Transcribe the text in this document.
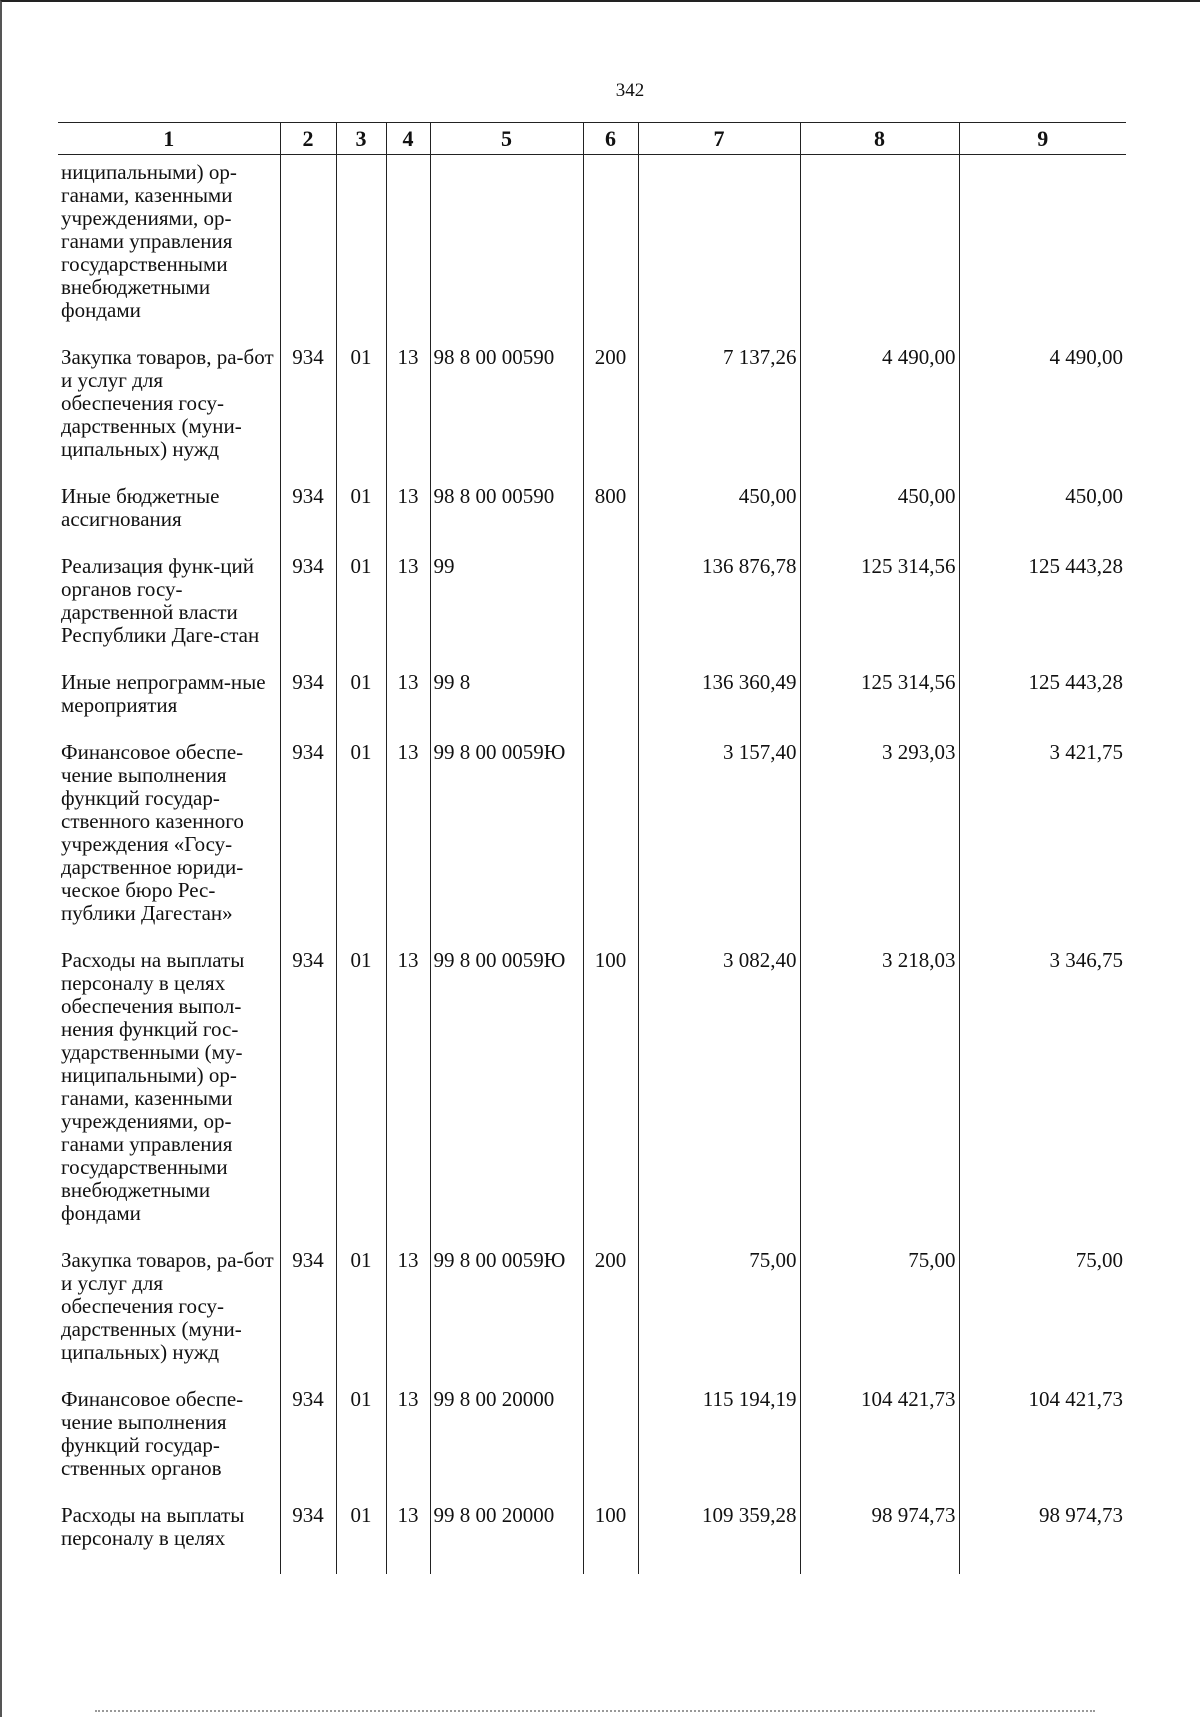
342
1	2	3	4	5	6	7	8	9
ниципальными) ор-ганами, казенными учреждениями, ор-ганами управления государственными внебюджетными фондами								
Закупка товаров, ра-бот и услуг для обеспечения госу-дарственных (муни-ципальных) нужд	934	01	13	98 8 00 00590	200	7 137,26	4 490,00	4 490,00
Иные бюджетные ассигнования	934	01	13	98 8 00 00590	800	450,00	450,00	450,00
Реализация функ-ций органов госу-дарственной власти Республики Даге-стан	934	01	13	99		136 876,78	125 314,56	125 443,28
Иные непрограмм-ные мероприятия	934	01	13	99 8		136 360,49	125 314,56	125 443,28
Финансовое обеспе-чение выполнения функций государ-ственного казенного учреждения «Госу-дарственное юриди-ческое бюро Рес-публики Дагестан»	934	01	13	99 8 00 0059Ю		3 157,40	3 293,03	3 421,75
Расходы на выплаты персоналу в целях обеспечения выпол-нения функций гос-ударственными (му-ниципальными) ор-ганами, казенными учреждениями, ор-ганами управления государственными внебюджетными фондами	934	01	13	99 8 00 0059Ю	100	3 082,40	3 218,03	3 346,75
Закупка товаров, ра-бот и услуг для обеспечения госу-дарственных (муни-ципальных) нужд	934	01	13	99 8 00 0059Ю	200	75,00	75,00	75,00
Финансовое обеспе-чение выполнения функций государ-ственных органов	934	01	13	99 8 00 20000		115 194,19	104 421,73	104 421,73
Расходы на выплаты персоналу в целях	934	01	13	99 8 00 20000	100	109 359,28	98 974,73	98 974,73
